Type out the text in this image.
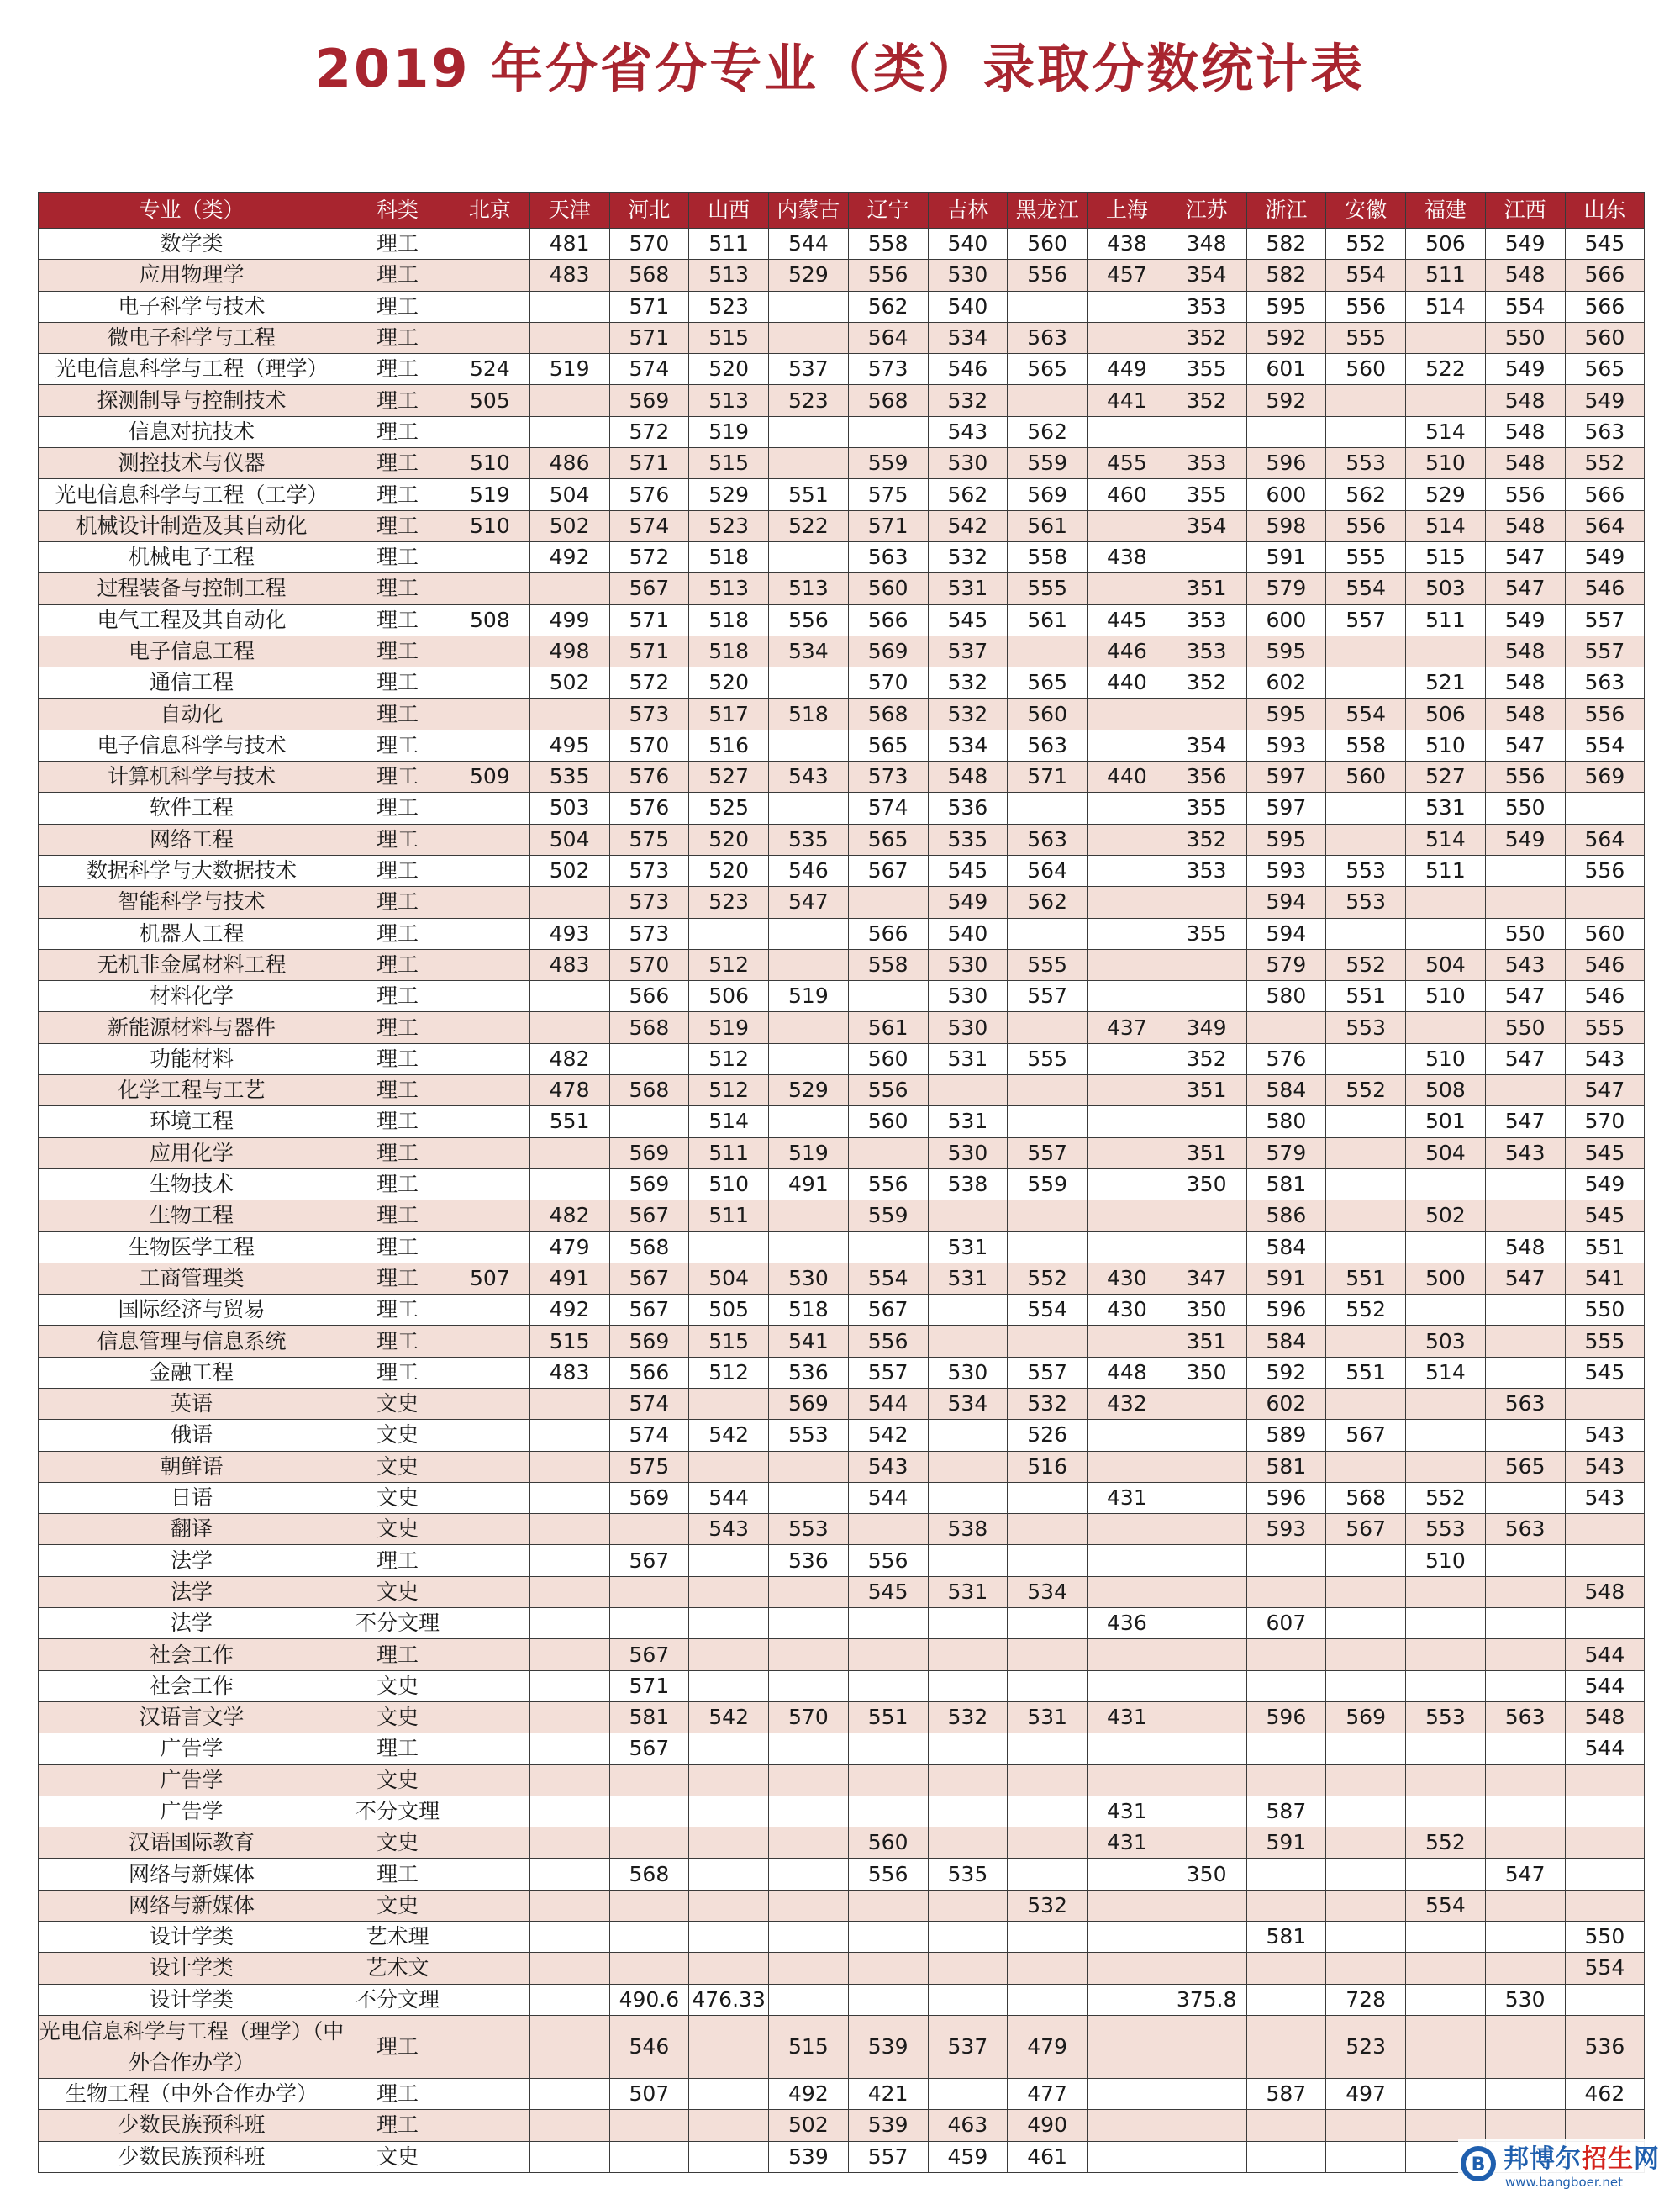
2019 年分省分专业（类）录取分数统计表
专业（类）	科类	北京	天津	河北	山西	内蒙古	辽宁	吉林	黑龙江	上海	江苏	浙江	安徽	福建	江西	山东
数学类	理工		481	570	511	544	558	540	560	438	348	582	552	506	549	545
应用物理学	理工		483	568	513	529	556	530	556	457	354	582	554	511	548	566
电子科学与技术	理工			571	523		562	540			353	595	556	514	554	566
微电子科学与工程	理工			571	515		564	534	563		352	592	555		550	560
光电信息科学与工程（理学）	理工	524	519	574	520	537	573	546	565	449	355	601	560	522	549	565
探测制导与控制技术	理工	505		569	513	523	568	532		441	352	592			548	549
信息对抗技术	理工			572	519			543	562					514	548	563
测控技术与仪器	理工	510	486	571	515		559	530	559	455	353	596	553	510	548	552
光电信息科学与工程（工学）	理工	519	504	576	529	551	575	562	569	460	355	600	562	529	556	566
机械设计制造及其自动化	理工	510	502	574	523	522	571	542	561		354	598	556	514	548	564
机械电子工程	理工		492	572	518		563	532	558	438		591	555	515	547	549
过程装备与控制工程	理工			567	513	513	560	531	555		351	579	554	503	547	546
电气工程及其自动化	理工	508	499	571	518	556	566	545	561	445	353	600	557	511	549	557
电子信息工程	理工		498	571	518	534	569	537		446	353	595			548	557
通信工程	理工		502	572	520		570	532	565	440	352	602		521	548	563
自动化	理工			573	517	518	568	532	560			595	554	506	548	556
电子信息科学与技术	理工		495	570	516		565	534	563		354	593	558	510	547	554
计算机科学与技术	理工	509	535	576	527	543	573	548	571	440	356	597	560	527	556	569
软件工程	理工		503	576	525		574	536			355	597		531	550	
网络工程	理工		504	575	520	535	565	535	563		352	595		514	549	564
数据科学与大数据技术	理工		502	573	520	546	567	545	564		353	593	553	511		556
智能科学与技术	理工			573	523	547		549	562			594	553			
机器人工程	理工		493	573			566	540			355	594			550	560
无机非金属材料工程	理工		483	570	512		558	530	555			579	552	504	543	546
材料化学	理工			566	506	519		530	557			580	551	510	547	546
新能源材料与器件	理工			568	519		561	530		437	349		553		550	555
功能材料	理工		482		512		560	531	555		352	576		510	547	543
化学工程与工艺	理工		478	568	512	529	556				351	584	552	508		547
环境工程	理工		551		514		560	531				580		501	547	570
应用化学	理工			569	511	519		530	557		351	579		504	543	545
生物技术	理工			569	510	491	556	538	559		350	581				549
生物工程	理工		482	567	511		559					586		502		545
生物医学工程	理工		479	568				531				584			548	551
工商管理类	理工	507	491	567	504	530	554	531	552	430	347	591	551	500	547	541
国际经济与贸易	理工		492	567	505	518	567		554	430	350	596	552			550
信息管理与信息系统	理工		515	569	515	541	556				351	584		503		555
金融工程	理工		483	566	512	536	557	530	557	448	350	592	551	514		545
英语	文史			574		569	544	534	532	432		602			563	
俄语	文史			574	542	553	542		526			589	567			543
朝鲜语	文史			575			543		516			581			565	543
日语	文史			569	544		544			431		596	568	552		543
翻译	文史				543	553		538				593	567	553	563	
法学	理工			567		536	556							510		
法学	文史						545	531	534							548
法学	不分文理									436		607				
社会工作	理工			567												544
社会工作	文史			571												544
汉语言文学	文史			581	542	570	551	532	531	431		596	569	553	563	548
广告学	理工			567												544
广告学	文史															
广告学	不分文理									431		587				
汉语国际教育	文史						560			431		591		552		
网络与新媒体	理工			568			556	535			350				547	
网络与新媒体	文史								532					554		
设计学类	艺术理											581				550
设计学类	艺术文															554
设计学类	不分文理			490.6	476.33						375.8		728		530	
光电信息科学与工程（理学）（中外合作办学）	理工			546		515	539	537	479				523			536
生物工程（中外合作办学）	理工			507		492	421		477			587	497			462
少数民族预科班	理工					502	539	463	490							
少数民族预科班	文史					539	557	459	461								B 邦博尔招生网
www.bangboer.net
